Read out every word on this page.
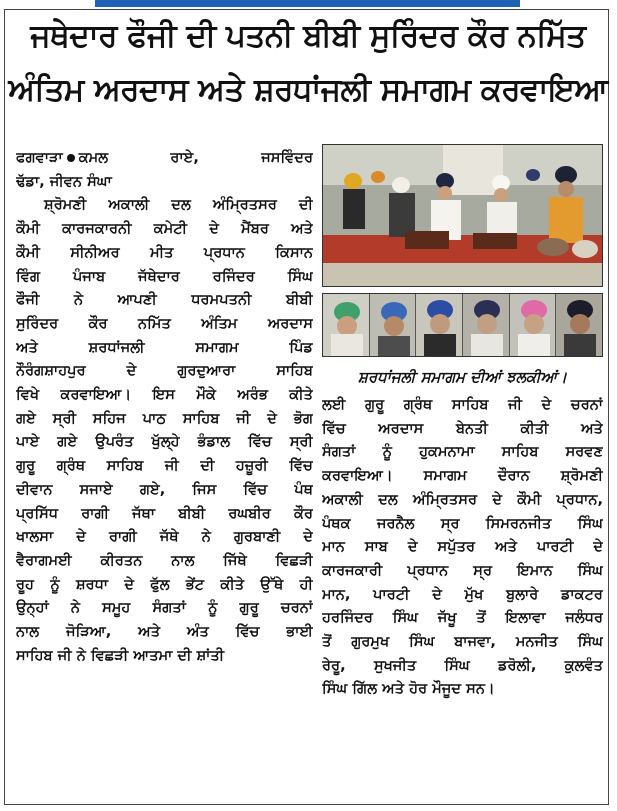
ਜਥੇਦਾਰ ਫੌਜੀ ਦੀ ਪਤਨੀ ਬੀਬੀ ਸੁਰਿੰਦਰ ਕੌਰ ਨਮਿੱਤ
ਅੰਤਿਮ ਅਰਦਾਸ ਅਤੇ ਸ਼ਰਧਾਂਜਲੀ ਸਮਾਗਮ ਕਰਵਾਇਆ
ਫਗਵਾੜਾ ਕਮਲ ਰਾਏ, ਜਸਵਿੰਦਰ
ਢੱਡਾ, ਜੀਵਨ ਸੰਘਾ
ਸ਼੍ਰੋਮਣੀ ਅਕਾਲੀ ਦਲ ਅੰਮ੍ਰਿਤਸਰ ਦੀ
ਕੌਮੀ ਕਾਰਜਕਾਰਨੀ ਕਮੇਟੀ ਦੇ ਮੈਂਬਰ ਅਤੇ
ਕੌਮੀ ਸੀਨੀਅਰ ਮੀਤ ਪ੍ਰਧਾਨ ਕਿਸਾਨ
ਵਿੰਗ ਪੰਜਾਬ ਜੱਥੇਦਾਰ ਰਜਿੰਦਰ ਸਿੰਘ
ਫੌਜੀ ਨੇ ਆਪਣੀ ਧਰਮਪਤਨੀ ਬੀਬੀ
ਸੁਰਿੰਦਰ ਕੌਰ ਨਮਿੱਤ ਅੰਤਿਮ ਅਰਦਾਸ
ਅਤੇ ਸ਼ਰਧਾਂਜਲੀ ਸਮਾਗਮ ਪਿੰਡ
ਨੌਰੰਗਸ਼ਾਹਪੁਰ ਦੇ ਗੁਰਦੁਆਰਾ ਸਾਹਿਬ
ਵਿਖੇ ਕਰਵਾਇਆ। ਇਸ ਮੌਕੇ ਅਰੰਭ ਕੀਤੇ
ਗਏ ਸ੍ਰੀ ਸਹਿਜ ਪਾਠ ਸਾਹਿਬ ਜੀ ਦੇ ਭੋਗ
ਪਾਏ ਗਏ ਉਪਰੰਤ ਖੁੱਲ੍ਹੇ ਭੰਡਾਲ ਵਿੱਚ ਸ੍ਰੀ
ਗੁਰੂ ਗ੍ਰੰਥ ਸਾਹਿਬ ਜੀ ਦੀ ਹਜ਼ੂਰੀ ਵਿੱਚ
ਦੀਵਾਨ ਸਜਾਏ ਗਏ, ਜਿਸ ਵਿੱਚ ਪੰਥ
ਪ੍ਰਸਿੱਧ ਰਾਗੀ ਜੱਥਾ ਬੀਬੀ ਰਘਬੀਰ ਕੌਰ
ਖਾਲਸਾ ਦੇ ਰਾਗੀ ਜੱਥੇ ਨੇ ਗੁਰਬਾਣੀ ਦੇ
ਵੈਰਾਗਮਈ ਕੀਰਤਨ ਨਾਲ ਜਿੱਥੇ ਵਿਛੜੀ
ਰੂਹ ਨੂੰ ਸ਼ਰਧਾ ਦੇ ਫੁੱਲ ਭੇਂਟ ਕੀਤੇ ਉੱਥੇ ਹੀ
ਉਨ੍ਹਾਂ ਨੇ ਸਮੂਹ ਸੰਗਤਾਂ ਨੂੰ ਗੁਰੂ ਚਰਨਾਂ
ਨਾਲ ਜੋੜਿਆ, ਅਤੇ ਅੰਤ ਵਿੱਚ ਭਾਈ
ਸਾਹਿਬ ਜੀ ਨੇ ਵਿਛੜੀ ਆਤਮਾ ਦੀ ਸ਼ਾਂਤੀ
ਸ਼ਰਧਾਂਜਲੀ ਸਮਾਗਮ ਦੀਆਂ ਝਲਕੀਆਂ।
ਲਈ ਗੁਰੂ ਗ੍ਰੰਥ ਸਾਹਿਬ ਜੀ ਦੇ ਚਰਨਾਂ
ਵਿੱਚ ਅਰਦਾਸ ਬੇਨਤੀ ਕੀਤੀ ਅਤੇ
ਸੰਗਤਾਂ ਨੂੰ ਹੁਕਮਨਾਮਾ ਸਾਹਿਬ ਸਰਵਣ
ਕਰਵਾਇਆ। ਸਮਾਗਮ ਦੌਰਾਨ ਸ਼੍ਰੋਮਣੀ
ਅਕਾਲੀ ਦਲ ਅੰਮ੍ਰਿਤਸਰ ਦੇ ਕੌਮੀ ਪ੍ਰਧਾਨ,
ਪੰਥਕ ਜਰਨੈਲ ਸ੍ਰ ਸਿਮਰਨਜੀਤ ਸਿੰਘ
ਮਾਨ ਸਾਬ ਦੇ ਸਪੁੱਤਰ ਅਤੇ ਪਾਰਟੀ ਦੇ
ਕਾਰਜਕਾਰੀ ਪ੍ਰਧਾਨ ਸ੍ਰ ਇਮਾਨ ਸਿੰਘ
ਮਾਨ, ਪਾਰਟੀ ਦੇ ਮੁੱਖ ਬੁਲਾਰੇ ਡਾਕਟਰ
ਹਰਜਿੰਦਰ ਸਿੰਘ ਜੱਖੂ ਤੋਂ ਇਲਾਵਾ ਜਲੰਧਰ
ਤੋਂ ਗੁਰਮੁਖ ਸਿੰਘ ਬਾਜਵਾ, ਮਨਜੀਤ ਸਿੰਘ
ਰੇਰੂ, ਸੁਖਜੀਤ ਸਿੰਘ ਡਰੋਲੀ, ਕੁਲਵੰਤ
ਸਿੰਘ ਗਿੱਲ ਅਤੇ ਹੋਰ ਮੌਜੂਦ ਸਨ।
